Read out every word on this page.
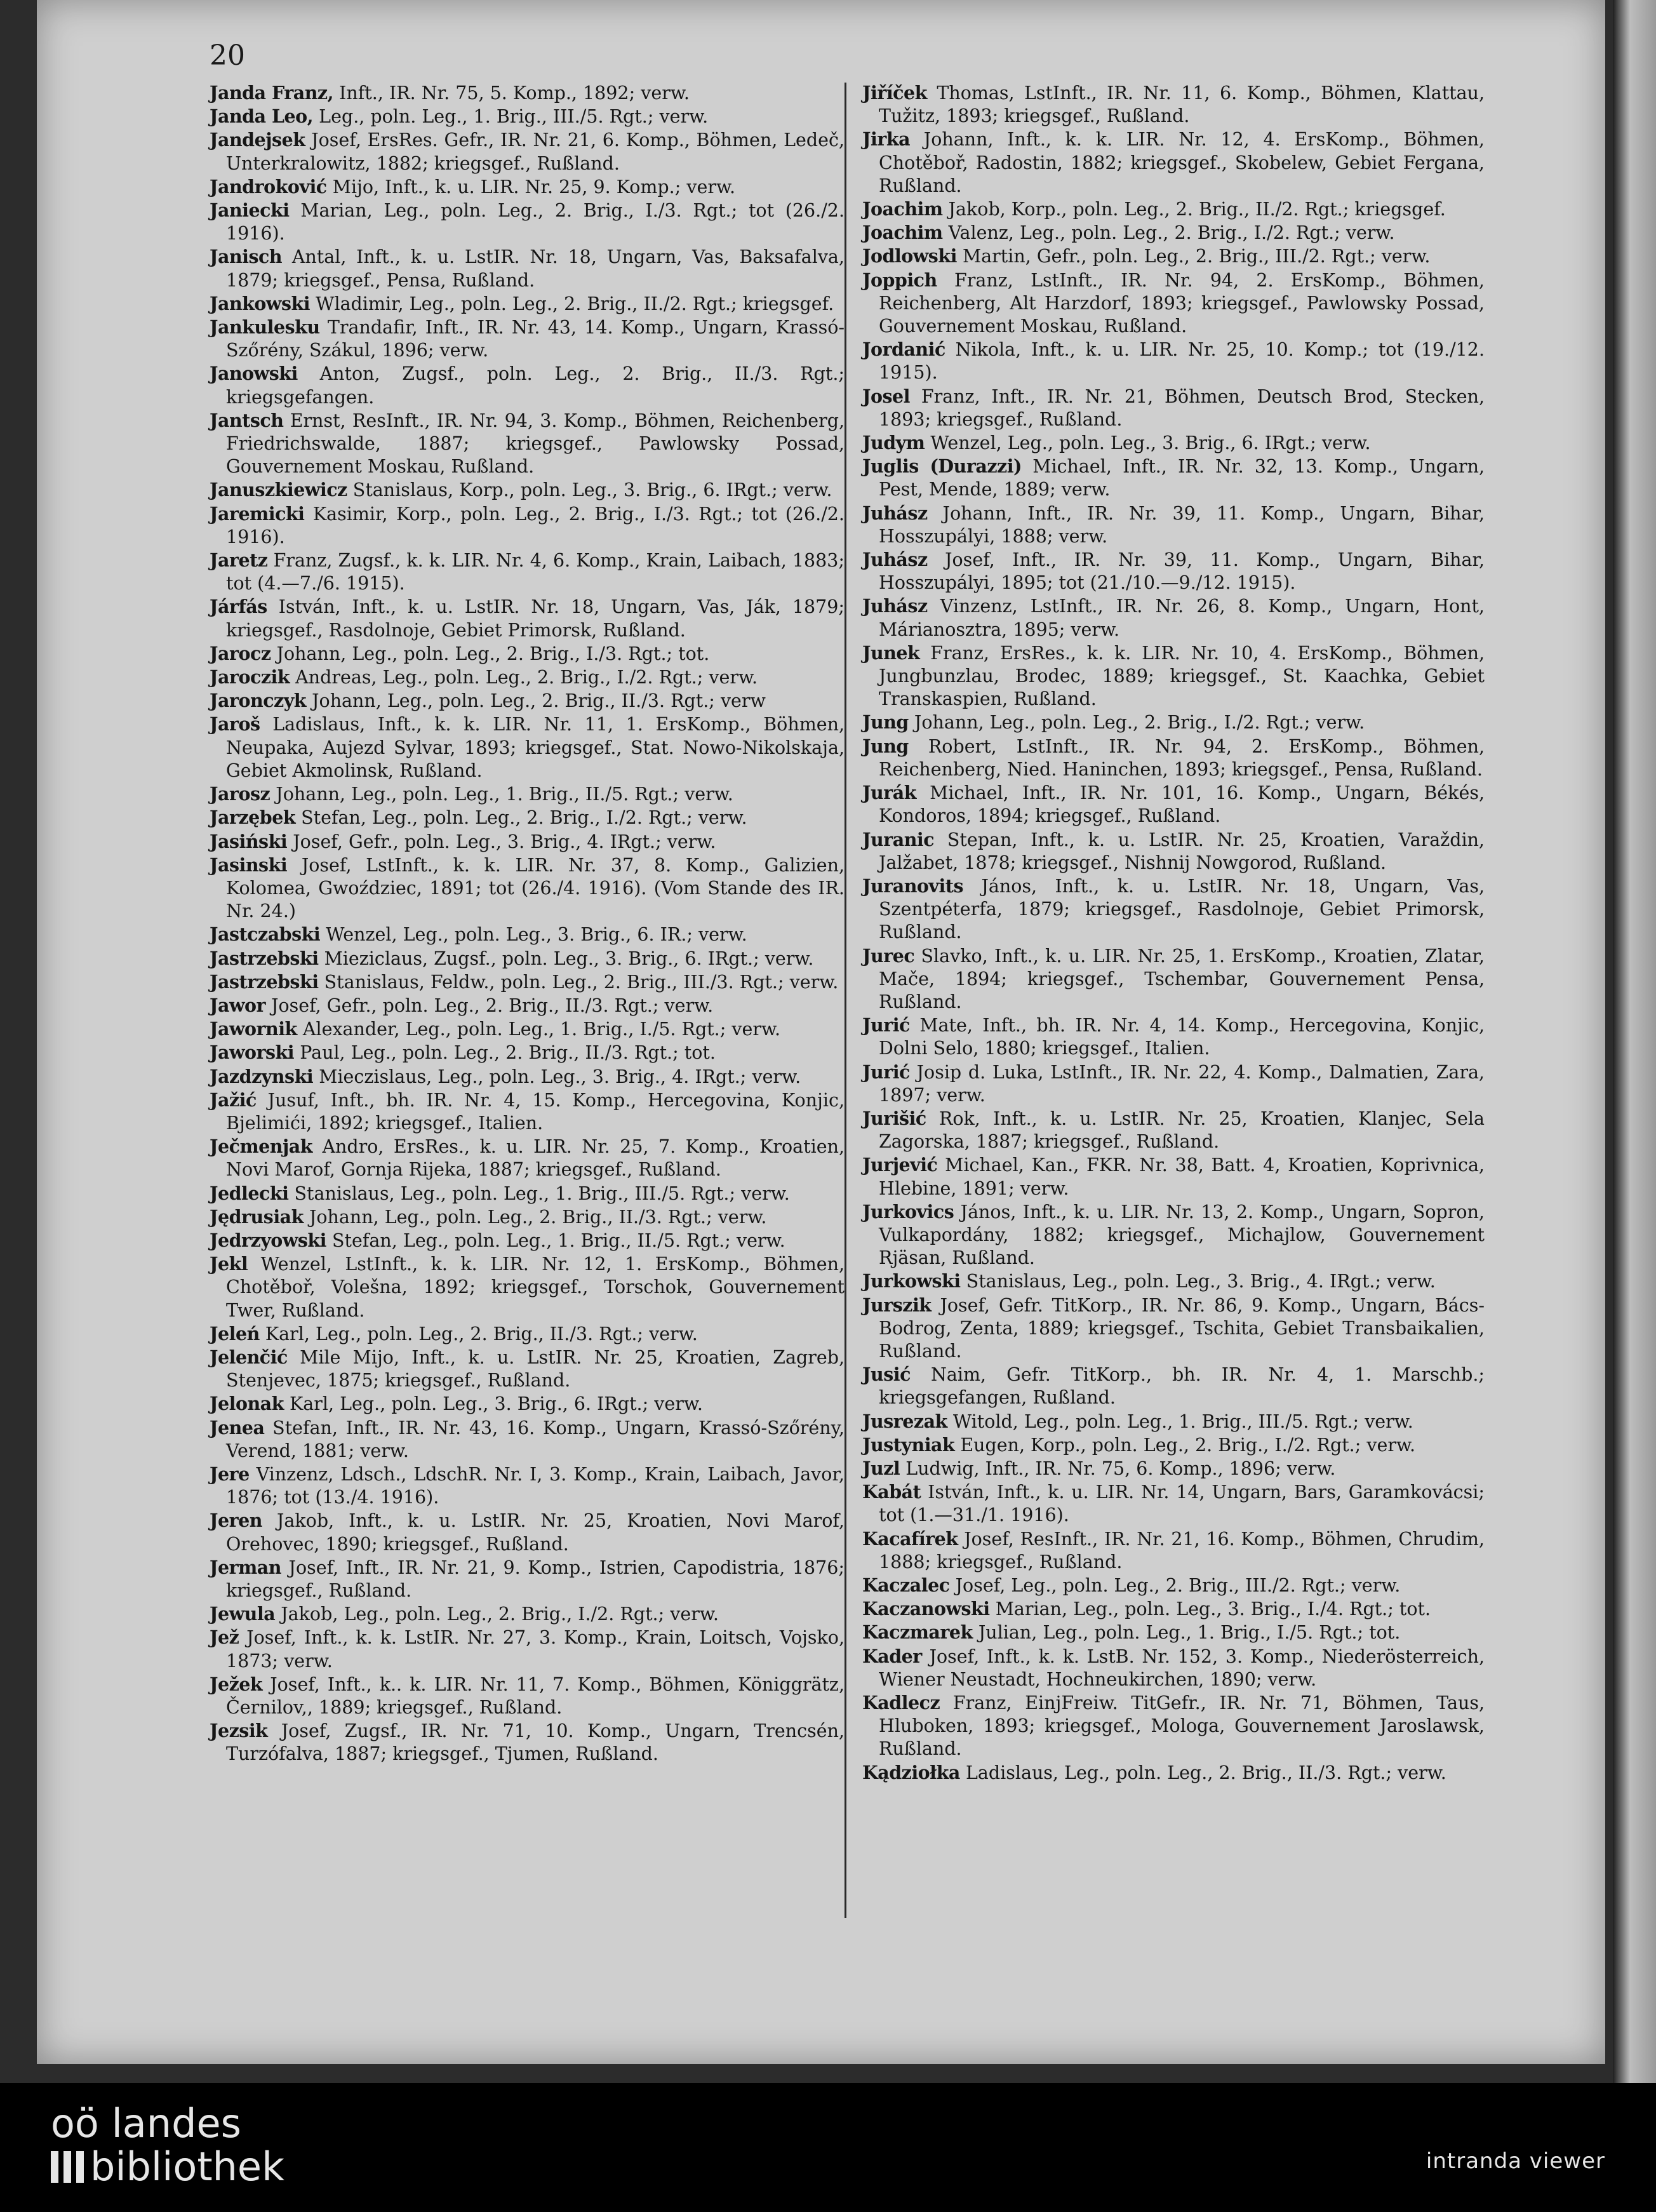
20

Janda Franz, Inft., IR. Nr. 75, 5. Komp., 1892; verw.

Janda Leo, Leg., poln. Leg., 1. Brig., III./5. Rgt.; verw.

Jandejsek Josef, ErsRes. Gefr., IR. Nr. 21, 6. Komp., Böhmen, Ledeč, Unterkralowitz, 1882; kriegsgef., Rußland.

Jandroković Mijo, Inft., k. u. LIR. Nr. 25, 9. Komp.; verw.

Janiecki Marian, Leg., poln. Leg., 2. Brig., I./3. Rgt.; tot (26./2. 1916).

Janisch Antal, Inft., k. u. LstIR. Nr. 18, Ungarn, Vas, Baksafalva, 1879; kriegsgef., Pensa, Rußland.

Jankowski Wladimir, Leg., poln. Leg., 2. Brig., II./2. Rgt.; kriegsgef.

Jankulesku Trandafir, Inft., IR. Nr. 43, 14. Komp., Ungarn, Krassó-Szőrény, Szákul, 1896; verw.

Janowski Anton, Zugsf., poln. Leg., 2. Brig., II./3. Rgt.; kriegsgefangen.

Jantsch Ernst, ResInft., IR. Nr. 94, 3. Komp., Böhmen, Reichenberg, Friedrichswalde, 1887; kriegsgef., Pawlowsky Possad, Gouvernement Moskau, Rußland.

Januszkiewicz Stanislaus, Korp., poln. Leg., 3. Brig., 6. IRgt.; verw.

Jaremicki Kasimir, Korp., poln. Leg., 2. Brig., I./3. Rgt.; tot (26./2. 1916).

Jaretz Franz, Zugsf., k. k. LIR. Nr. 4, 6. Komp., Krain, Laibach, 1883; tot (4.—7./6. 1915).

Járfás István, Inft., k. u. LstIR. Nr. 18, Ungarn, Vas, Ják, 1879; kriegsgef., Rasdolnoje, Gebiet Primorsk, Rußland.

Jarocz Johann, Leg., poln. Leg., 2. Brig., I./3. Rgt.; tot.

Jaroczik Andreas, Leg., poln. Leg., 2. Brig., I./2. Rgt.; verw.

Jaronczyk Johann, Leg., poln. Leg., 2. Brig., II./3. Rgt.; verw

Jaroš Ladislaus, Inft., k. k. LIR. Nr. 11, 1. ErsKomp., Böhmen, Neupaka, Aujezd Sylvar, 1893; kriegsgef., Stat. Nowo-Nikolskaja, Gebiet Akmolinsk, Rußland.

Jarosz Johann, Leg., poln. Leg., 1. Brig., II./5. Rgt.; verw.

Jarzębek Stefan, Leg., poln. Leg., 2. Brig., I./2. Rgt.; verw.

Jasiński Josef, Gefr., poln. Leg., 3. Brig., 4. IRgt.; verw.

Jasinski Josef, LstInft., k. k. LIR. Nr. 37, 8. Komp., Galizien, Kolomea, Gwoździec, 1891; tot (26./4. 1916). (Vom Stande des IR. Nr. 24.)

Jastczabski Wenzel, Leg., poln. Leg., 3. Brig., 6. IR.; verw.

Jastrzebski Mieziclaus, Zugsf., poln. Leg., 3. Brig., 6. IRgt.; verw.

Jastrzebski Stanislaus, Feldw., poln. Leg., 2. Brig., III./3. Rgt.; verw.

Jawor Josef, Gefr., poln. Leg., 2. Brig., II./3. Rgt.; verw.

Jawornik Alexander, Leg., poln. Leg., 1. Brig., I./5. Rgt.; verw.

Jaworski Paul, Leg., poln. Leg., 2. Brig., II./3. Rgt.; tot.

Jazdzynski Mieczislaus, Leg., poln. Leg., 3. Brig., 4. IRgt.; verw.

Jažić Jusuf, Inft., bh. IR. Nr. 4, 15. Komp., Hercegovina, Konjic, Bjelimići, 1892; kriegsgef., Italien.

Ječmenjak Andro, ErsRes., k. u. LIR. Nr. 25, 7. Komp., Kroatien, Novi Marof, Gornja Rijeka, 1887; kriegsgef., Rußland.

Jedlecki Stanislaus, Leg., poln. Leg., 1. Brig., III./5. Rgt.; verw.

Jędrusiak Johann, Leg., poln. Leg., 2. Brig., II./3. Rgt.; verw.

Jedrzyowski Stefan, Leg., poln. Leg., 1. Brig., II./5. Rgt.; verw.

Jekl Wenzel, LstInft., k. k. LIR. Nr. 12, 1. ErsKomp., Böhmen, Chotěboř, Volešna, 1892; kriegsgef., Torschok, Gouvernement Twer, Rußland.

Jeleń Karl, Leg., poln. Leg., 2. Brig., II./3. Rgt.; verw.

Jelenčić Mile Mijo, Inft., k. u. LstIR. Nr. 25, Kroatien, Zagreb, Stenjevec, 1875; kriegsgef., Rußland.

Jelonak Karl, Leg., poln. Leg., 3. Brig., 6. IRgt.; verw.

Jenea Stefan, Inft., IR. Nr. 43, 16. Komp., Ungarn, Krassó-Szőrény, Verend, 1881; verw.

Jere Vinzenz, Ldsch., LdschR. Nr. I, 3. Komp., Krain, Laibach, Javor, 1876; tot (13./4. 1916).

Jeren Jakob, Inft., k. u. LstIR. Nr. 25, Kroatien, Novi Marof, Orehovec, 1890; kriegsgef., Rußland.

Jerman Josef, Inft., IR. Nr. 21, 9. Komp., Istrien, Capodistria, 1876; kriegsgef., Rußland.

Jewula Jakob, Leg., poln. Leg., 2. Brig., I./2. Rgt.; verw.

Jež Josef, Inft., k. k. LstIR. Nr. 27, 3. Komp., Krain, Loitsch, Vojsko, 1873; verw.

Ježek Josef, Inft., k.. k. LIR. Nr. 11, 7. Komp., Böhmen, Königgrätz, Černilov,, 1889; kriegsgef., Rußland.

Jezsik Josef, Zugsf., IR. Nr. 71, 10. Komp., Ungarn, Trencsén, Turzófalva, 1887; kriegsgef., Tjumen, Rußland.

Jiříček Thomas, LstInft., IR. Nr. 11, 6. Komp., Böhmen, Klattau, Tužitz, 1893; kriegsgef., Rußland.

Jirka Johann, Inft., k. k. LIR. Nr. 12, 4. ErsKomp., Böhmen, Chotěboř, Radostin, 1882; kriegsgef., Skobelew, Gebiet Fergana, Rußland.

Joachim Jakob, Korp., poln. Leg., 2. Brig., II./2. Rgt.; kriegsgef.

Joachim Valenz, Leg., poln. Leg., 2. Brig., I./2. Rgt.; verw.

Jodlowski Martin, Gefr., poln. Leg., 2. Brig., III./2. Rgt.; verw.

Joppich Franz, LstInft., IR. Nr. 94, 2. ErsKomp., Böhmen, Reichenberg, Alt Harzdorf, 1893; kriegsgef., Pawlowsky Possad, Gouvernement Moskau, Rußland.

Jordanić Nikola, Inft., k. u. LIR. Nr. 25, 10. Komp.; tot (19./12. 1915).

Josel Franz, Inft., IR. Nr. 21, Böhmen, Deutsch Brod, Stecken, 1893; kriegsgef., Rußland.

Judym Wenzel, Leg., poln. Leg., 3. Brig., 6. IRgt.; verw.

Juglis (Durazzi) Michael, Inft., IR. Nr. 32, 13. Komp., Ungarn, Pest, Mende, 1889; verw.

Juhász Johann, Inft., IR. Nr. 39, 11. Komp., Ungarn, Bihar, Hosszupályi, 1888; verw.

Juhász Josef, Inft., IR. Nr. 39, 11. Komp., Ungarn, Bihar, Hosszupályi, 1895; tot (21./10.—9./12. 1915).

Juhász Vinzenz, LstInft., IR. Nr. 26, 8. Komp., Ungarn, Hont, Márianosztra, 1895; verw.

Junek Franz, ErsRes., k. k. LIR. Nr. 10, 4. ErsKomp., Böhmen, Jungbunzlau, Brodec, 1889; kriegsgef., St. Kaachka, Gebiet Transkaspien, Rußland.

Jung Johann, Leg., poln. Leg., 2. Brig., I./2. Rgt.; verw.

Jung Robert, LstInft., IR. Nr. 94, 2. ErsKomp., Böhmen, Reichenberg, Nied. Haninchen, 1893; kriegsgef., Pensa, Rußland.

Jurák Michael, Inft., IR. Nr. 101, 16. Komp., Ungarn, Békés, Kondoros, 1894; kriegsgef., Rußland.

Juranic Stepan, Inft., k. u. LstIR. Nr. 25, Kroatien, Varaždin, Jalžabet, 1878; kriegsgef., Nishnij Nowgorod, Rußland.

Juranovits János, Inft., k. u. LstIR. Nr. 18, Ungarn, Vas, Szentpéterfa, 1879; kriegsgef., Rasdolnoje, Gebiet Primorsk, Rußland.

Jurec Slavko, Inft., k. u. LIR. Nr. 25, 1. ErsKomp., Kroatien, Zlatar, Mače, 1894; kriegsgef., Tschembar, Gouvernement Pensa, Rußland.

Jurić Mate, Inft., bh. IR. Nr. 4, 14. Komp., Hercegovina, Konjic, Dolni Selo, 1880; kriegsgef., Italien.

Jurić Josip d. Luka, LstInft., IR. Nr. 22, 4. Komp., Dalmatien, Zara, 1897; verw.

Jurišić Rok, Inft., k. u. LstIR. Nr. 25, Kroatien, Klanjec, Sela Zagorska, 1887; kriegsgef., Rußland.

Jurjević Michael, Kan., FKR. Nr. 38, Batt. 4, Kroatien, Koprivnica, Hlebine, 1891; verw.

Jurkovics János, Inft., k. u. LIR. Nr. 13, 2. Komp., Ungarn, Sopron, Vulkapordány, 1882; kriegsgef., Michajlow, Gouvernement Rjäsan, Rußland.

Jurkowski Stanislaus, Leg., poln. Leg., 3. Brig., 4. IRgt.; verw.

Jurszik Josef, Gefr. TitKorp., IR. Nr. 86, 9. Komp., Ungarn, Bács-Bodrog, Zenta, 1889; kriegsgef., Tschita, Gebiet Transbaikalien, Rußland.

Jusić Naim, Gefr. TitKorp., bh. IR. Nr. 4, 1. Marschb.; kriegsgefangen, Rußland.

Jusrezak Witold, Leg., poln. Leg., 1. Brig., III./5. Rgt.; verw.

Justyniak Eugen, Korp., poln. Leg., 2. Brig., I./2. Rgt.; verw.

Juzl Ludwig, Inft., IR. Nr. 75, 6. Komp., 1896; verw.

Kabát István, Inft., k. u. LIR. Nr. 14, Ungarn, Bars, Garamkovácsi; tot (1.—31./1. 1916).

Kacafírek Josef, ResInft., IR. Nr. 21, 16. Komp., Böhmen, Chrudim, 1888; kriegsgef., Rußland.

Kaczalec Josef, Leg., poln. Leg., 2. Brig., III./2. Rgt.; verw.

Kaczanowski Marian, Leg., poln. Leg., 3. Brig., I./4. Rgt.; tot.

Kaczmarek Julian, Leg., poln. Leg., 1. Brig., I./5. Rgt.; tot.

Kader Josef, Inft., k. k. LstB. Nr. 152, 3. Komp., Niederösterreich, Wiener Neustadt, Hochneukirchen, 1890; verw.

Kadlecz Franz, EinjFreiw. TitGefr., IR. Nr. 71, Böhmen, Taus, Hluboken, 1893; kriegsgef., Mologa, Gouvernement Jaroslawsk, Rußland.

Kądziołka Ladislaus, Leg., poln. Leg., 2. Brig., II./3. Rgt.; verw.

oö landes
bibliothek	intranda viewer
